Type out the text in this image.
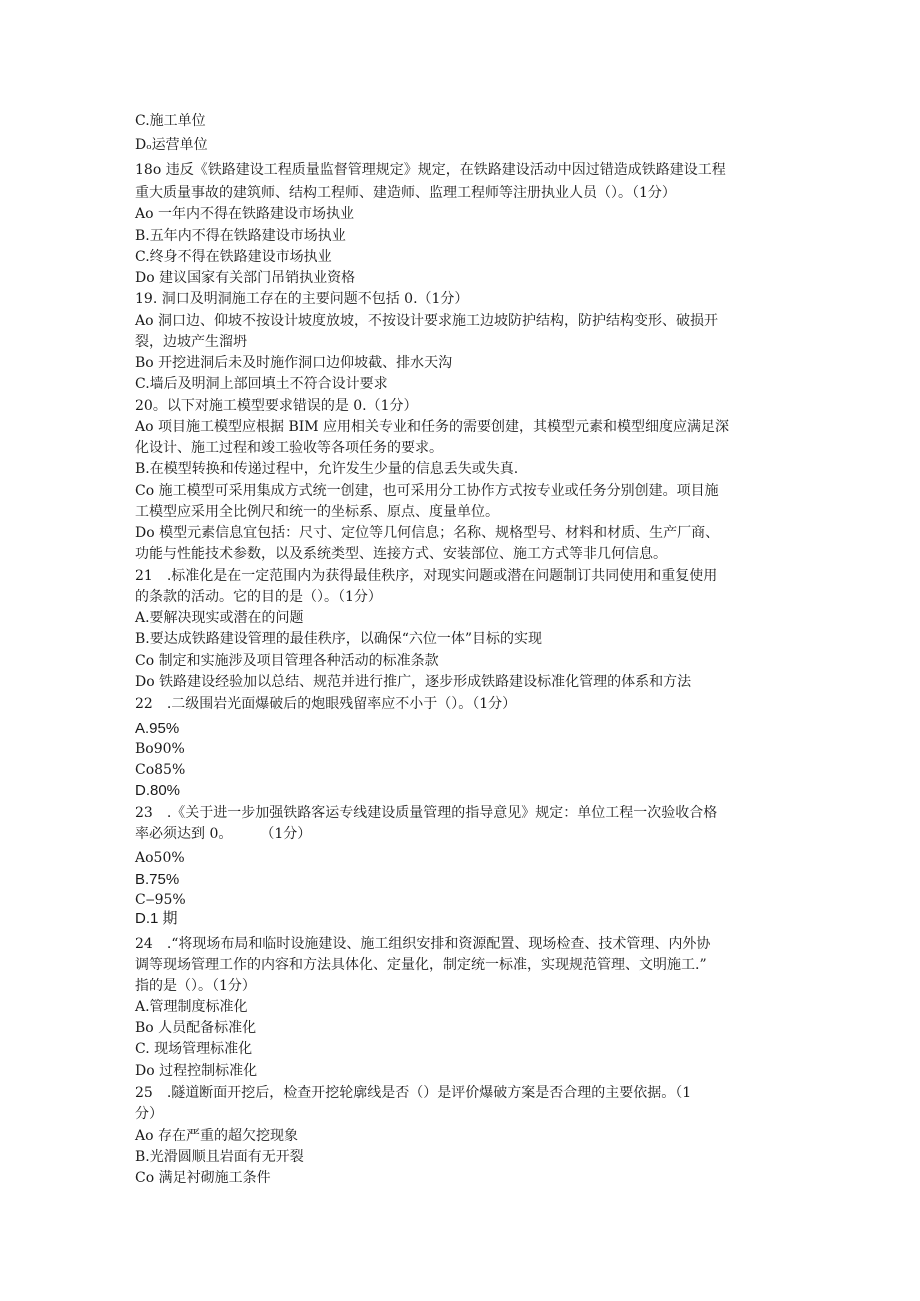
C.施工单位
Dₒ运营单位
18o 违反《铁路建设工程质量监督管理规定》规定，在铁路建设活动中因过错造成铁路建设工程
重大质量事故的建筑师、结构工程师、建造师、监理工程师等注册执业人员（）。（1分）
Ao 一年内不得在铁路建设市场执业
B.五年内不得在铁路建设市场执业
C.终身不得在铁路建设市场执业
Do 建议国家有关部门吊销执业资格
19. 洞口及明洞施工存在的主要问题不包括 0.（1分）
Ao 洞口边、仰坡不按设计坡度放坡，不按设计要求施工边坡防护结构，防护结构变形、破损开
裂，边坡产生溜坍
Bo 开挖进洞后未及时施作洞口边仰坡截、排水天沟
C.墙后及明洞上部回填土不符合设计要求
20。以下对施工模型要求错误的是 0.（1分）
Ao 项目施工模型应根据 BIM 应用相关专业和任务的需要创建，其模型元素和模型细度应满足深
化设计、施工过程和竣工验收等各项任务的要求。
B.在模型转换和传递过程中，允许发生少量的信息丢失或失真.
Co 施工模型可采用集成方式统一创建，也可采用分工协作方式按专业或任务分别创建。项目施
工模型应采用全比例尺和统一的坐标系、原点、度量单位。
Do 模型元素信息宜包括：尺寸、定位等几何信息；名称、规格型号、材料和材质、生产厂商、
功能与性能技术参数，以及系统类型、连接方式、安装部位、施工方式等非几何信息。
21　.标准化是在一定范围内为获得最佳秩序，对现实问题或潜在问题制订共同使用和重复使用
的条款的活动。它的目的是（）。（1分）
A.要解决现实或潜在的问题
B.要达成铁路建设管理的最佳秩序，以确保“六位一体”目标的实现
Co 制定和实施涉及项目管理各种活动的标准条款
Do 铁路建设经验加以总结、规范并进行推广，逐步形成铁路建设标准化管理的体系和方法
22　.二级围岩光面爆破后的炮眼残留率应不小于（）。（1分）
A.95%
Bo90%
Co85%
D.80%
23　.《关于进一步加强铁路客运专线建设质量管理的指导意见》规定：单位工程一次验收合格
率必须达到 0。　　　（1分）
Ao50%
B.75%
C‒95%
D.1 期
24　.“将现场布局和临时设施建设、施工组织安排和资源配置、现场检查、技术管理、内外协
调等现场管理工作的内容和方法具体化、定量化，制定统一标准，实现规范管理、文明施工.”
指的是（）。（1分）
A.管理制度标准化
Bo 人员配备标准化
C. 现场管理标准化
Do 过程控制标准化
25　.隧道断面开挖后，检查开挖轮廓线是否（）是评价爆破方案是否合理的主要依据。（1
分）
Ao 存在严重的超欠挖现象
B.光滑圆顺且岩面有无开裂
Co 满足衬砌施工条件
